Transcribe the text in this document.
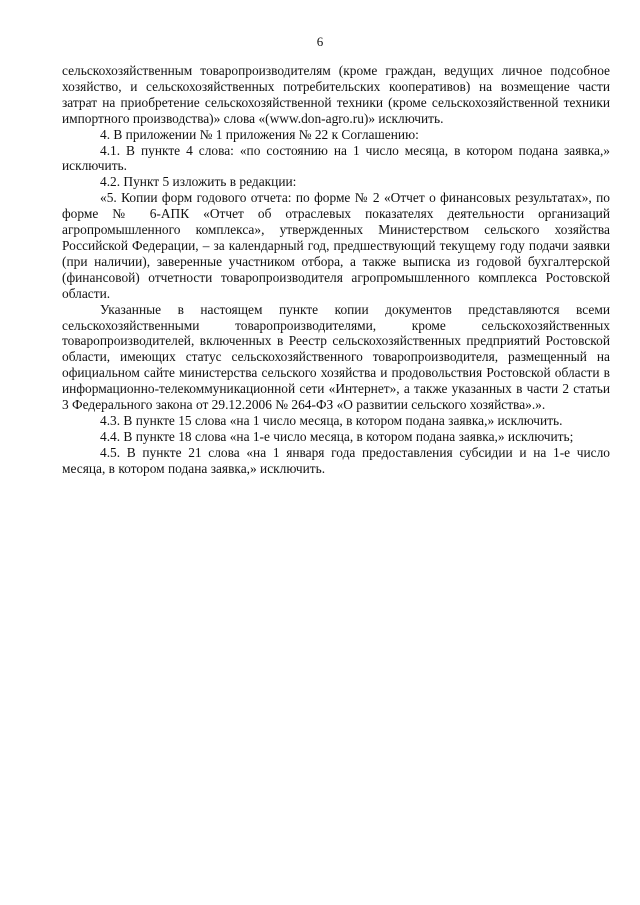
6

сельскохозяйственным товаропроизводителям (кроме граждан, ведущих личное подсобное хозяйство, и сельскохозяйственных потребительских кооперативов) на возмещение части затрат на приобретение сельскохозяйственной техники (кроме сельскохозяйственной техники импортного производства)» слова «(www.don-agro.ru)» исключить.

4. В приложении № 1 приложения № 22 к Соглашению:

4.1. В пункте 4 слова: «по состоянию на 1 число месяца, в котором подана заявка,» исключить.

4.2. Пункт 5 изложить в редакции:

«5. Копии форм годового отчета: по форме № 2 «Отчет о финансовых результатах», по форме № 6-АПК «Отчет об отраслевых показателях деятельности организаций агропромышленного комплекса», утвержденных Министерством сельского хозяйства Российской Федерации, – за календарный год, предшествующий текущему году подачи заявки (при наличии), заверенные участником отбора, а также выписка из годовой бухгалтерской (финансовой) отчетности товаропроизводителя агропромышленного комплекса Ростовской области.

Указанные в настоящем пункте копии документов представляются всеми сельскохозяйственными товаропроизводителями, кроме сельскохозяйственных товаропроизводителей, включенных в Реестр сельскохозяйственных предприятий Ростовской области, имеющих статус сельскохозяйственного товаропроизводителя, размещенный на официальном сайте министерства сельского хозяйства и продовольствия Ростовской области в информационно-телекоммуникационной сети «Интернет», а также указанных в части 2 статьи 3 Федерального закона от 29.12.2006 № 264-ФЗ «О развитии сельского хозяйства».».

4.3. В пункте 15 слова «на 1 число месяца, в котором подана заявка,» исключить.

4.4. В пункте 18 слова «на 1-е число месяца, в котором подана заявка,» исключить;

4.5. В пункте 21 слова «на 1 января года предоставления субсидии и на 1-е число месяца, в котором подана заявка,» исключить.
